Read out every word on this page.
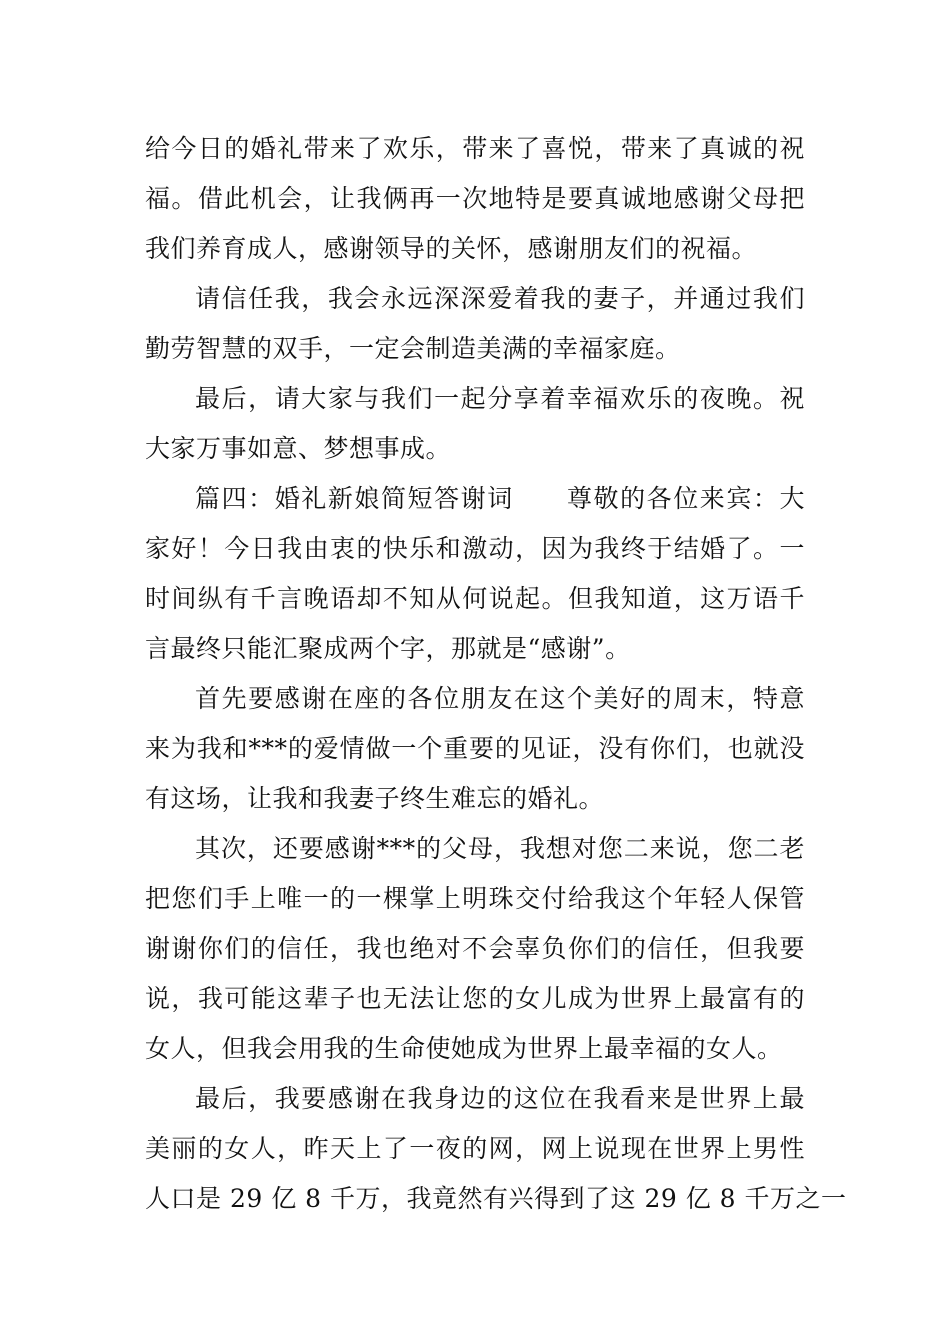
给今日的婚礼带来了欢乐，带来了喜悦，带来了真诚的祝
福。借此机会，让我俩再一次地特是要真诚地感谢父母把
我们养育成人，感谢领导的关怀，感谢朋友们的祝福。
请信任我，我会永远深深爱着我的妻子，并通过我们
勤劳智慧的双手，一定会制造美满的幸福家庭。
最后，请大家与我们一起分享着幸福欢乐的夜晚。祝
大家万事如意、梦想事成。
篇四：婚礼新娘简短答谢词　　尊敬的各位来宾：大
家好！今日我由衷的快乐和激动，因为我终于结婚了。一
时间纵有千言晚语却不知从何说起。但我知道，这万语千
言最终只能汇聚成两个字，那就是“感谢”。
首先要感谢在座的各位朋友在这个美好的周末，特意
来为我和***的爱情做一个重要的见证，没有你们，也就没
有这场，让我和我妻子终生难忘的婚礼。
其次，还要感谢***的父母，我想对您二来说，您二老
把您们手上唯一的一棵掌上明珠交付给我这个年轻人保管
谢谢你们的信任，我也绝对不会辜负你们的信任，但我要
说，我可能这辈子也无法让您的女儿成为世界上最富有的
女人，但我会用我的生命使她成为世界上最幸福的女人。
最后，我要感谢在我身边的这位在我看来是世界上最
美丽的女人，昨天上了一夜的网，网上说现在世界上男性
人口是 29 亿 8 千万，我竟然有兴得到了这 29 亿 8 千万之一
